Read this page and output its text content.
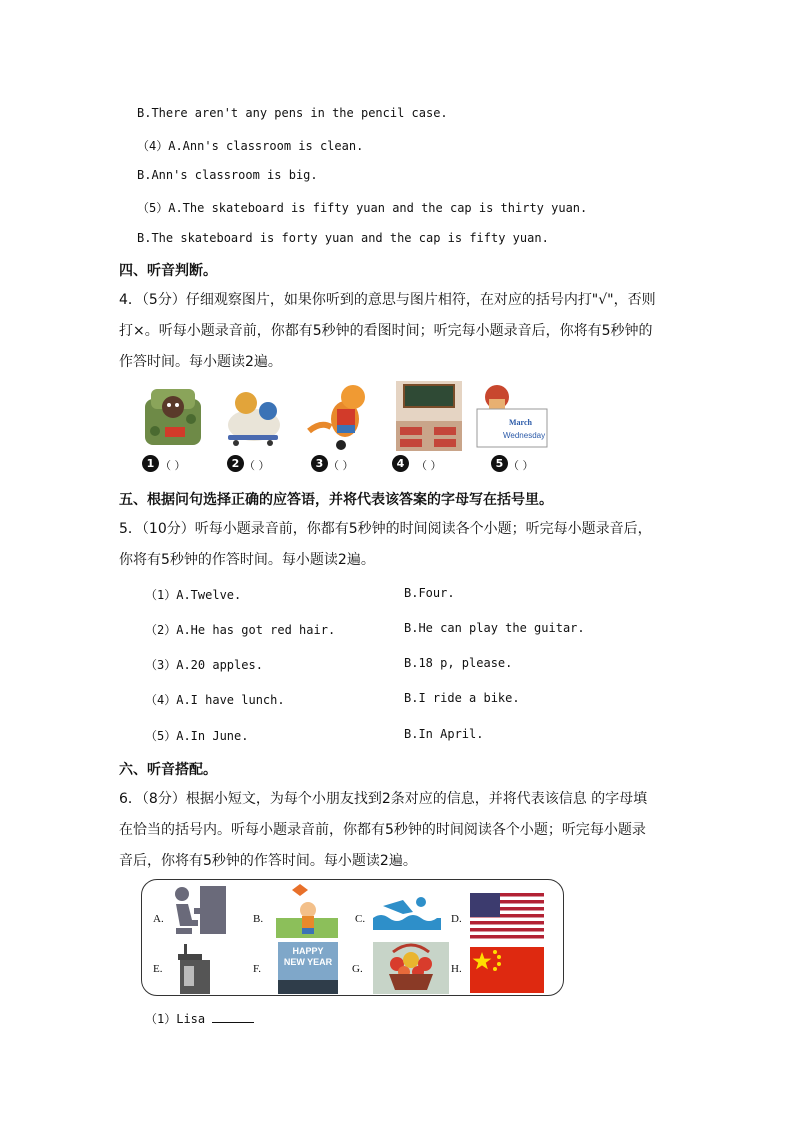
B.There aren't any pens in the pencil case.
（4）A.Ann's classroom is clean.
B.Ann's classroom is big.
（5）A.The skateboard is fifty yuan and the cap is thirty yuan.
B.The skateboard is forty yuan and the cap is fifty yuan.
四、听音判断。
4．（5分）仔细观察图片，如果你听到的意思与图片相符，在对应的括号内打"√"，否则打×。听每小题录音前，你都有5秒钟的看图时间；听完每小题录音后，你将有5秒钟的作答时间。每小题读2遍。
1 （ ）	2 （ ）	3 （ ）	4	（ ）
March
Wednesday
5 （ ）
五、根据问句选择正确的应答语，并将代表该答案的字母写在括号里。
5．（10分）听每小题录音前，你都有5秒钟的时间阅读各个小题；听完每小题录音后，你将有5秒钟的作答时间。每小题读2遍。
（1）A.Twelve.	B.Four.
（2）A.He has got red hair.	B.He can play the guitar.
（3）A.20 apples.	B.18 p, please.
（4）A.I have lunch.	B.I ride a bike.
（5）A.In June.	B.In April.
六、听音搭配。
6．（8分）根据小短文，为每个小朋友找到2条对应的信息，并将代表该信息 的字母填在恰当的括号内。听每小题录音前，你都有5秒钟的时间阅读各个小题；听完每小题录音后，你将有5秒钟的作答时间。每小题读2遍。
A.	B.	C.	D.
E.	F.
HAPPY NEW YEAR
G.	H.
（1）Lisa
